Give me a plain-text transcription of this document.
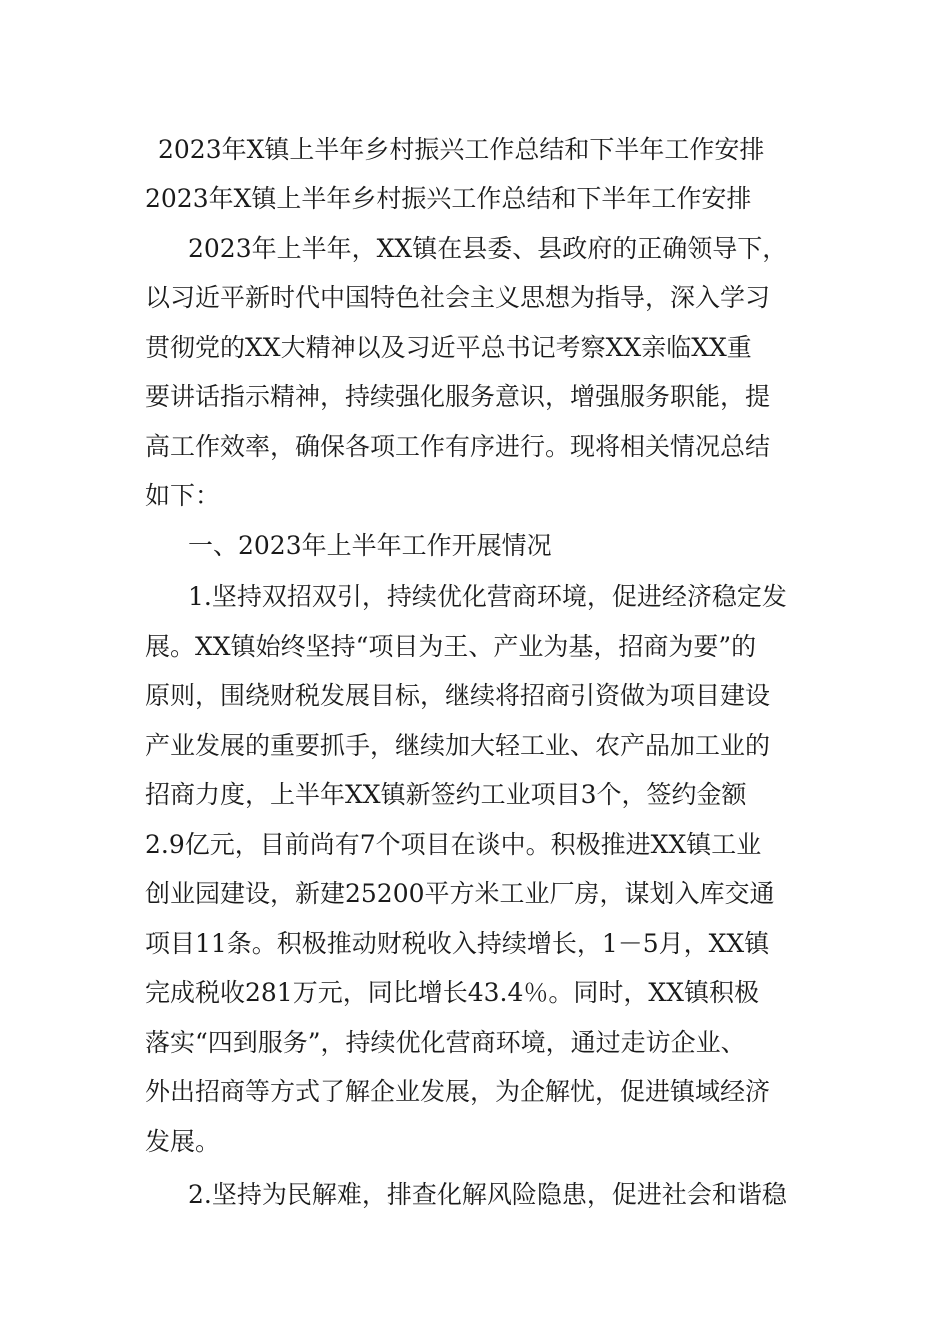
2023年X镇上半年乡村振兴工作总结和下半年工作安排
2023年X镇上半年乡村振兴工作总结和下半年工作安排
2023年上半年，XX镇在县委、县政府的正确领导下，
以习近平新时代中国特色社会主义思想为指导，深入学习
贯彻党的XX大精神以及习近平总书记考察XX亲临XX重
要讲话指示精神，持续强化服务意识，增强服务职能，提
高工作效率，确保各项工作有序进行。现将相关情况总结
如下：
一、2023年上半年工作开展情况
1.坚持双招双引，持续优化营商环境，促进经济稳定发
展。XX镇始终坚持“项目为王、产业为基，招商为要”的
原则，围绕财税发展目标，继续将招商引资做为项目建设
产业发展的重要抓手，继续加大轻工业、农产品加工业的
招商力度，上半年XX镇新签约工业项目3个，签约金额
2.9亿元，目前尚有7个项目在谈中。积极推进XX镇工业
创业园建设，新建25200平方米工业厂房，谋划入库交通
项目11条。积极推动财税收入持续增长，1－5月，XX镇
完成税收281万元，同比增长43.4％。同时，XX镇积极
落实“四到服务”，持续优化营商环境，通过走访企业、
外出招商等方式了解企业发展，为企解忧，促进镇域经济
发展。
2.坚持为民解难，排查化解风险隐患，促进社会和谐稳
